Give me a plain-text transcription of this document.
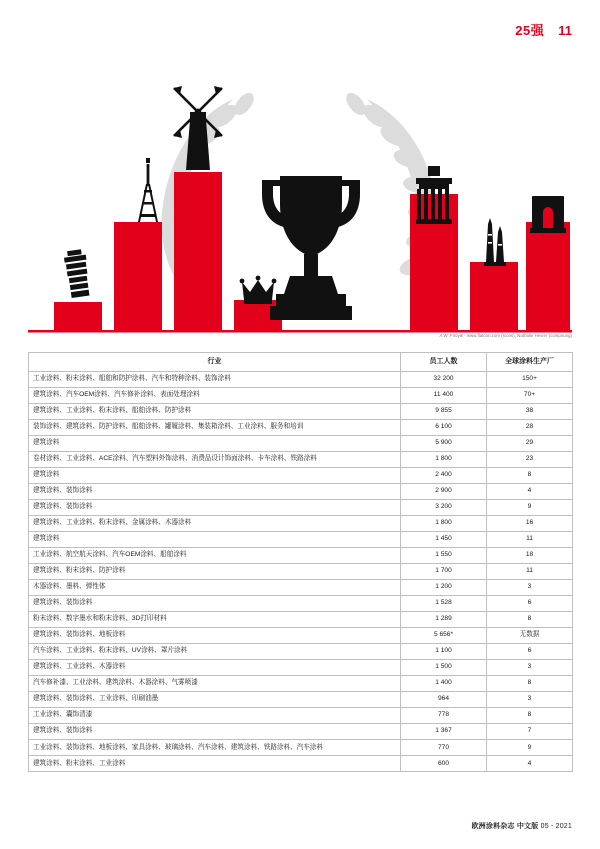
25强 11
A.W. Firoyik - www.flatcon.com (Icons), Nathalie Hevier (compoung)
行业	员工人数	全球涂料生产厂
工业涂料、粉末涂料、船舶和防护涂料、汽车和特种涂料、装饰涂料	32 200	150+
建筑涂料、汽车OEM涂料、汽车修补涂料、表面处理涂料	11 400	70+
建筑涂料、工业涂料、粉末涂料、船舶涂料、防护涂料	9 855	38
装饰涂料、建筑涂料、防护涂料、船舶涂料、罐履涂料、集装箱涂料、工业涂料、服务和培训	6 100	28
建筑涂料	5 900	29
卷材涂料、工业涂料、ACE涂料、汽车塑料外饰涂料、消费品设计饰面涂料、卡车涂料、铁路涂料	1 800	23
建筑涂料	2 400	8
建筑涂料、装饰涂料	2 900	4
建筑涂料、装饰涂料	3 200	9
建筑涂料、工业涂料、粉末涂料、金属涂料、木器涂料	1 800	16
建筑涂料	1 450	11
工业涂料、航空航天涂料、汽车OEM涂料、船舶涂料	1 550	18
建筑涂料、粉末涂料、防护涂料	1 700	11
木器涂料、墨料、弹性体	1 200	3
建筑涂料、装饰涂料	1 528	6
粉末涂料、数字墨水和粉末涂料、3D打印材料	1 289	8
建筑涂料、装饰涂料、地板涂料	5 656*	无数据
汽车涂料、工业涂料、粉末涂料、UV涂料、罩片涂料	1 100	6
建筑涂料、工业涂料、木器涂料	1 500	3
汽车修补漆、工业涂料、建筑涂料、木器涂料、气雾喷漆	1 400	8
建筑涂料、装饰涂料、工业涂料、印刷油墨	964	3
工业涂料、囊饰清漆	778	8
建筑涂料、装饰涂料	1 367	7
工业涂料、装饰涂料、地板涂料、家具涂料、玻璃涂料、汽车涂料、建筑涂料、铁路涂料、汽车涂料	770	9
建筑涂料、粉末涂料、工业涂料	600	4
欧洲涂料杂志 中文版 05 - 2021
